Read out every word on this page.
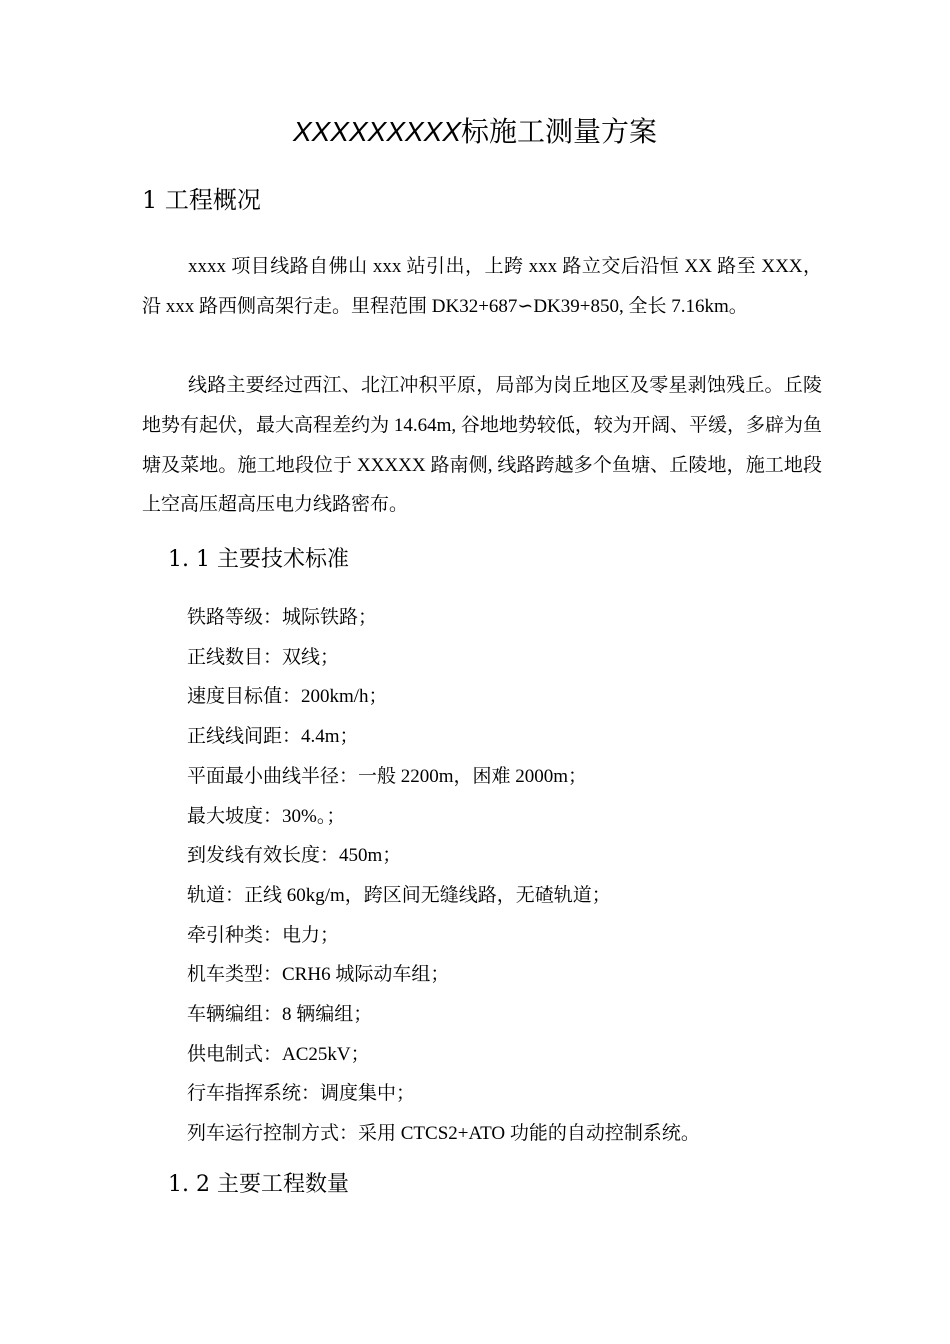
XXXXXXXXX标施工测量方案
1 工程概况
xxxx 项目线路自佛山 xxx 站引出，上跨 xxx 路立交后沿恒 XX 路至 XXX，沿 xxx 路西侧高架行走。里程范围 DK32+687∽DK39+850, 全长 7.16km。
线路主要经过西江、北江冲积平原，局部为岗丘地区及零星剥蚀残丘。丘陵地势有起伏，最大高程差约为 14.64m, 谷地地势较低，较为开阔、平缓，多辟为鱼塘及菜地。施工地段位于 XXXXX 路南侧, 线路跨越多个鱼塘、丘陵地，施工地段上空高压超高压电力线路密布。
1. 1 主要技术标准
铁路等级：城际铁路；
正线数目：双线；
速度目标值：200km/h；
正线线间距：4.4m；
平面最小曲线半径：一般 2200m，困难 2000m；
最大坡度：30%。；
到发线有效长度：450m；
轨道：正线 60kg/m，跨区间无缝线路，无碴轨道；
牵引种类：电力；
机车类型：CRH6 城际动车组；
车辆编组：8 辆编组；
供电制式：AC25kV；
行车指挥系统：调度集中；
列车运行控制方式：采用 CTCS2+ATO 功能的自动控制系统。
1. 2 主要工程数量
